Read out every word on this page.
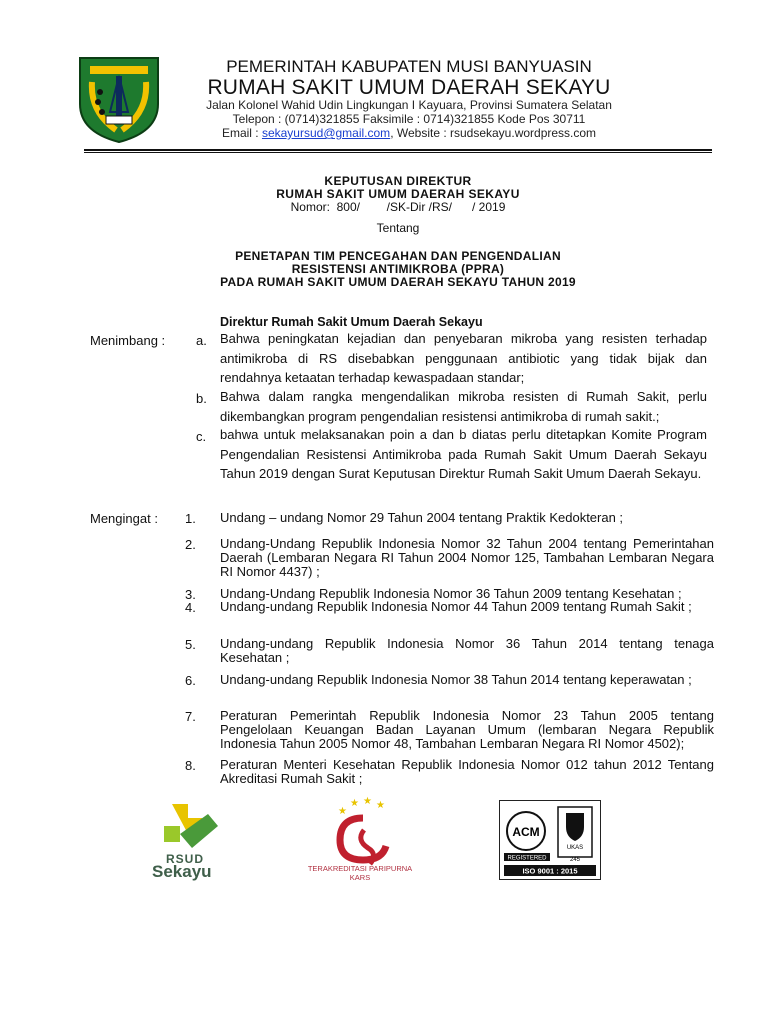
PEMERINTAH KABUPATEN MUSI BANYUASIN
RUMAH SAKIT UMUM DAERAH SEKAYU
Jalan Kolonel Wahid Udin Lingkungan I Kayuara, Provinsi Sumatera Selatan
Telepon : (0714)321855 Faksimile : 0714)321855 Kode Pos 30711
Email : sekayursud@gmail.com, Website : rsudsekayu.wordpress.com
KEPUTUSAN DIREKTUR
RUMAH SAKIT UMUM DAERAH SEKAYU
Nomor:  800/        /SK-Dir /RS/      / 2019
Tentang
PENETAPAN TIM PENCEGAHAN DAN PENGENDALIAN
RESISTENSI ANTIMIKROBA (PPRA)
PADA RUMAH SAKIT UMUM DAERAH SEKAYU TAHUN 2019
Direktur Rumah Sakit Umum Daerah Sekayu
Menimbang : a. Bahwa peningkatan kejadian dan penyebaran mikroba yang resisten terhadap antimikroba di RS disebabkan penggunaan antibiotic yang tidak bijak dan rendahnya ketaatan terhadap kewaspadaan standar;
b. Bahwa dalam rangka mengendalikan mikroba resisten di Rumah Sakit, perlu dikembangkan program pengendalian resistensi antimikroba di rumah sakit.;
c. bahwa untuk melaksanakan poin a dan b diatas perlu ditetapkan Komite Program Pengendalian Resistensi Antimikroba pada Rumah Sakit Umum Daerah Sekayu Tahun 2019 dengan Surat Keputusan Direktur Rumah Sakit Umum Daerah Sekayu.
Mengingat : 1. Undang – undang Nomor 29 Tahun 2004 tentang Praktik Kedokteran ;
2. Undang-Undang Republik Indonesia Nomor 32 Tahun 2004 tentang Pemerintahan Daerah (Lembaran Negara RI Tahun 2004 Nomor 125, Tambahan Lembaran Negara RI Nomor 4437) ;
3. Undang-Undang Republik Indonesia Nomor 36 Tahun 2009 tentang Kesehatan ;
4. Undang-undang Republik Indonesia Nomor 44 Tahun 2009 tentang Rumah Sakit ;
5. Undang-undang Republik Indonesia Nomor 36 Tahun 2014 tentang tenaga Kesehatan ;
6. Undang-undang Republik Indonesia Nomor 38 Tahun 2014 tentang keperawatan ;
7. Peraturan Pemerintah Republik Indonesia Nomor 23 Tahun 2005 tentang Pengelolaan Keuangan Badan Layanan Umum (lembaran Negara Republik Indonesia Tahun 2005 Nomor 48, Tambahan Lembaran Negara RI Nomor 4502);
8. Peraturan Menteri Kesehatan Republik Indonesia Nomor 012 tahun 2012 Tentang Akreditasi Rumah Sakit ;
RSUD
Sekayu
★
★ ★ ★
TERAKREDITASI PARIPURNA
KARS
ACM
REGISTERED
UKAS
245
ISO 9001 : 2015
